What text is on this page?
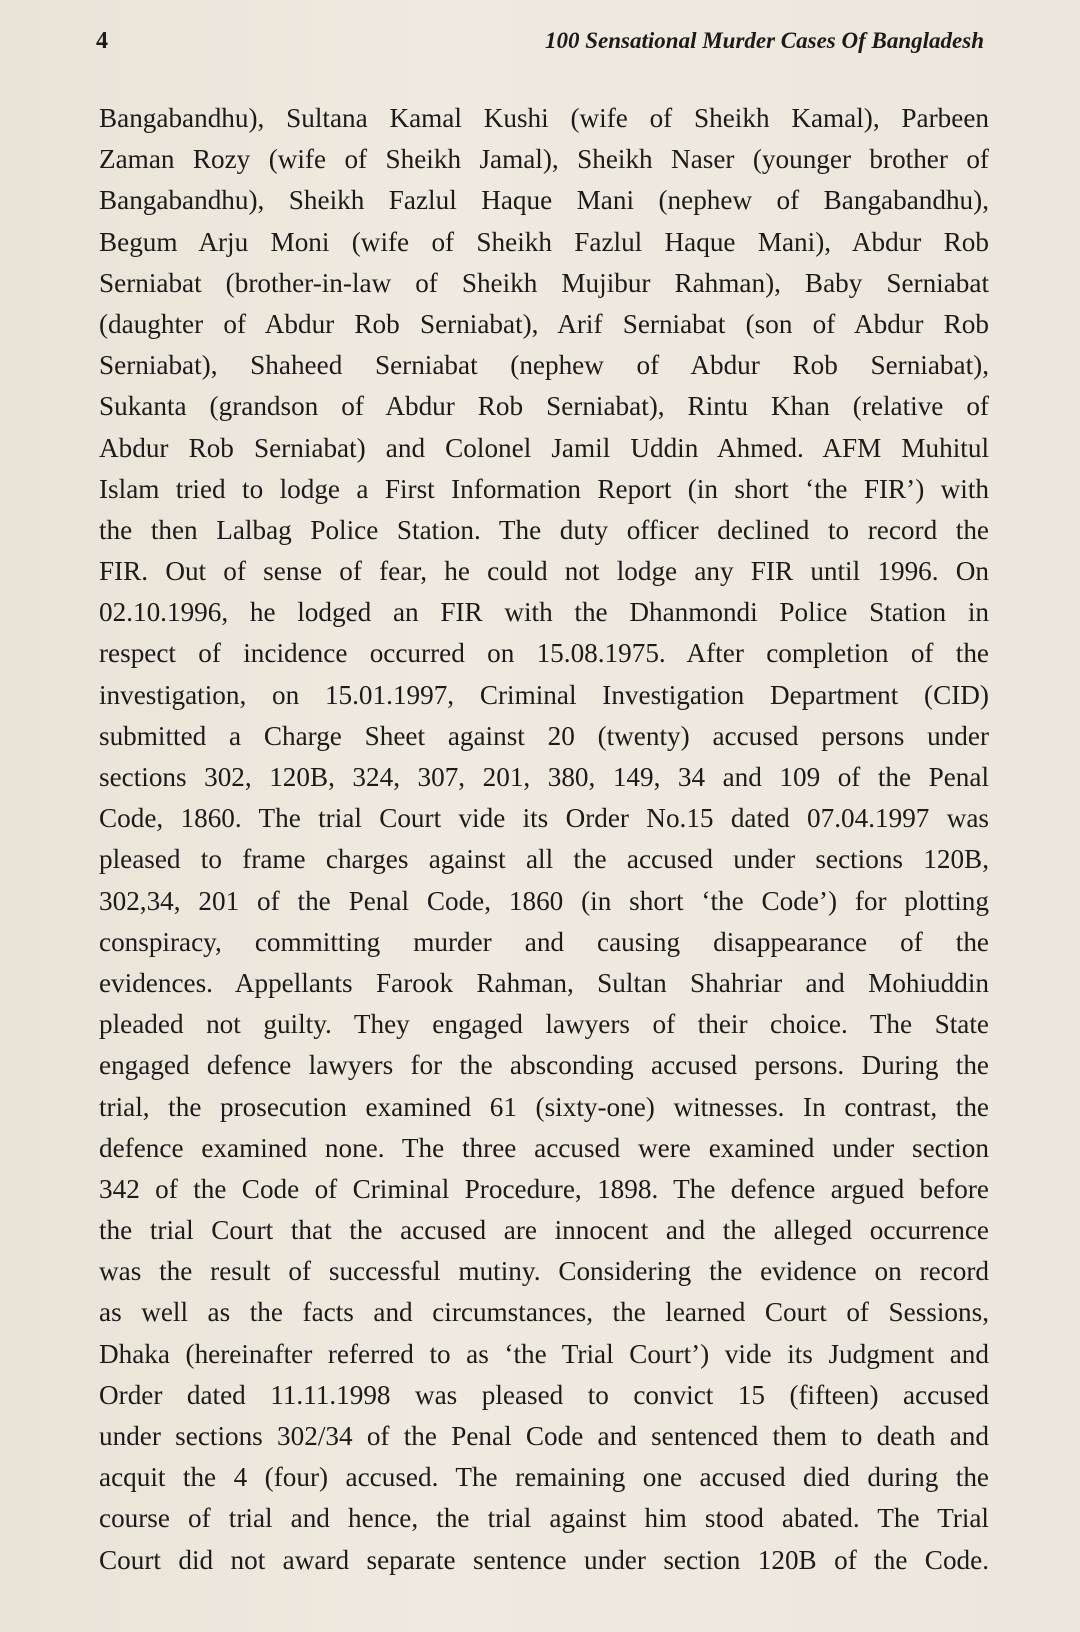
4	100 Sensational Murder Cases Of Bangladesh
Bangabandhu), Sultana Kamal Kushi (wife of Sheikh Kamal), Parbeen
Zaman Rozy (wife of Sheikh Jamal), Sheikh Naser (younger brother of
Bangabandhu), Sheikh Fazlul Haque Mani (nephew of Bangabandhu),
Begum Arju Moni (wife of Sheikh Fazlul Haque Mani), Abdur Rob
Serniabat (brother-in-law of Sheikh Mujibur Rahman), Baby Serniabat
(daughter of Abdur Rob Serniabat), Arif Serniabat (son of Abdur Rob
Serniabat), Shaheed Serniabat (nephew of Abdur Rob Serniabat),
Sukanta (grandson of Abdur Rob Serniabat), Rintu Khan (relative of
Abdur Rob Serniabat) and Colonel Jamil Uddin Ahmed. AFM Muhitul
Islam tried to lodge a First Information Report (in short ‘the FIR’) with
the then Lalbag Police Station. The duty officer declined to record the
FIR. Out of sense of fear, he could not lodge any FIR until 1996. On
02.10.1996, he lodged an FIR with the Dhanmondi Police Station in
respect of incidence occurred on 15.08.1975. After completion of the
investigation, on 15.01.1997, Criminal Investigation Department (CID)
submitted a Charge Sheet against 20 (twenty) accused persons under
sections 302, 120B, 324, 307, 201, 380, 149, 34 and 109 of the Penal
Code, 1860. The trial Court vide its Order No.15 dated 07.04.1997 was
pleased to frame charges against all the accused under sections 120B,
302,34, 201 of the Penal Code, 1860 (in short ‘the Code’) for plotting
conspiracy, committing murder and causing disappearance of the
evidences. Appellants Farook Rahman, Sultan Shahriar and Mohiuddin
pleaded not guilty. They engaged lawyers of their choice. The State
engaged defence lawyers for the absconding accused persons. During the
trial, the prosecution examined 61 (sixty-one) witnesses. In contrast, the
defence examined none. The three accused were examined under section
342 of the Code of Criminal Procedure, 1898. The defence argued before
the trial Court that the accused are innocent and the alleged occurrence
was the result of successful mutiny. Considering the evidence on record
as well as the facts and circumstances, the learned Court of Sessions,
Dhaka (hereinafter referred to as ‘the Trial Court’) vide its Judgment and
Order dated 11.11.1998 was pleased to convict 15 (fifteen) accused
under sections 302/34 of the Penal Code and sentenced them to death and
acquit the 4 (four) accused. The remaining one accused died during the
course of trial and hence, the trial against him stood abated. The Trial
Court did not award separate sentence under section 120B of the Code.
